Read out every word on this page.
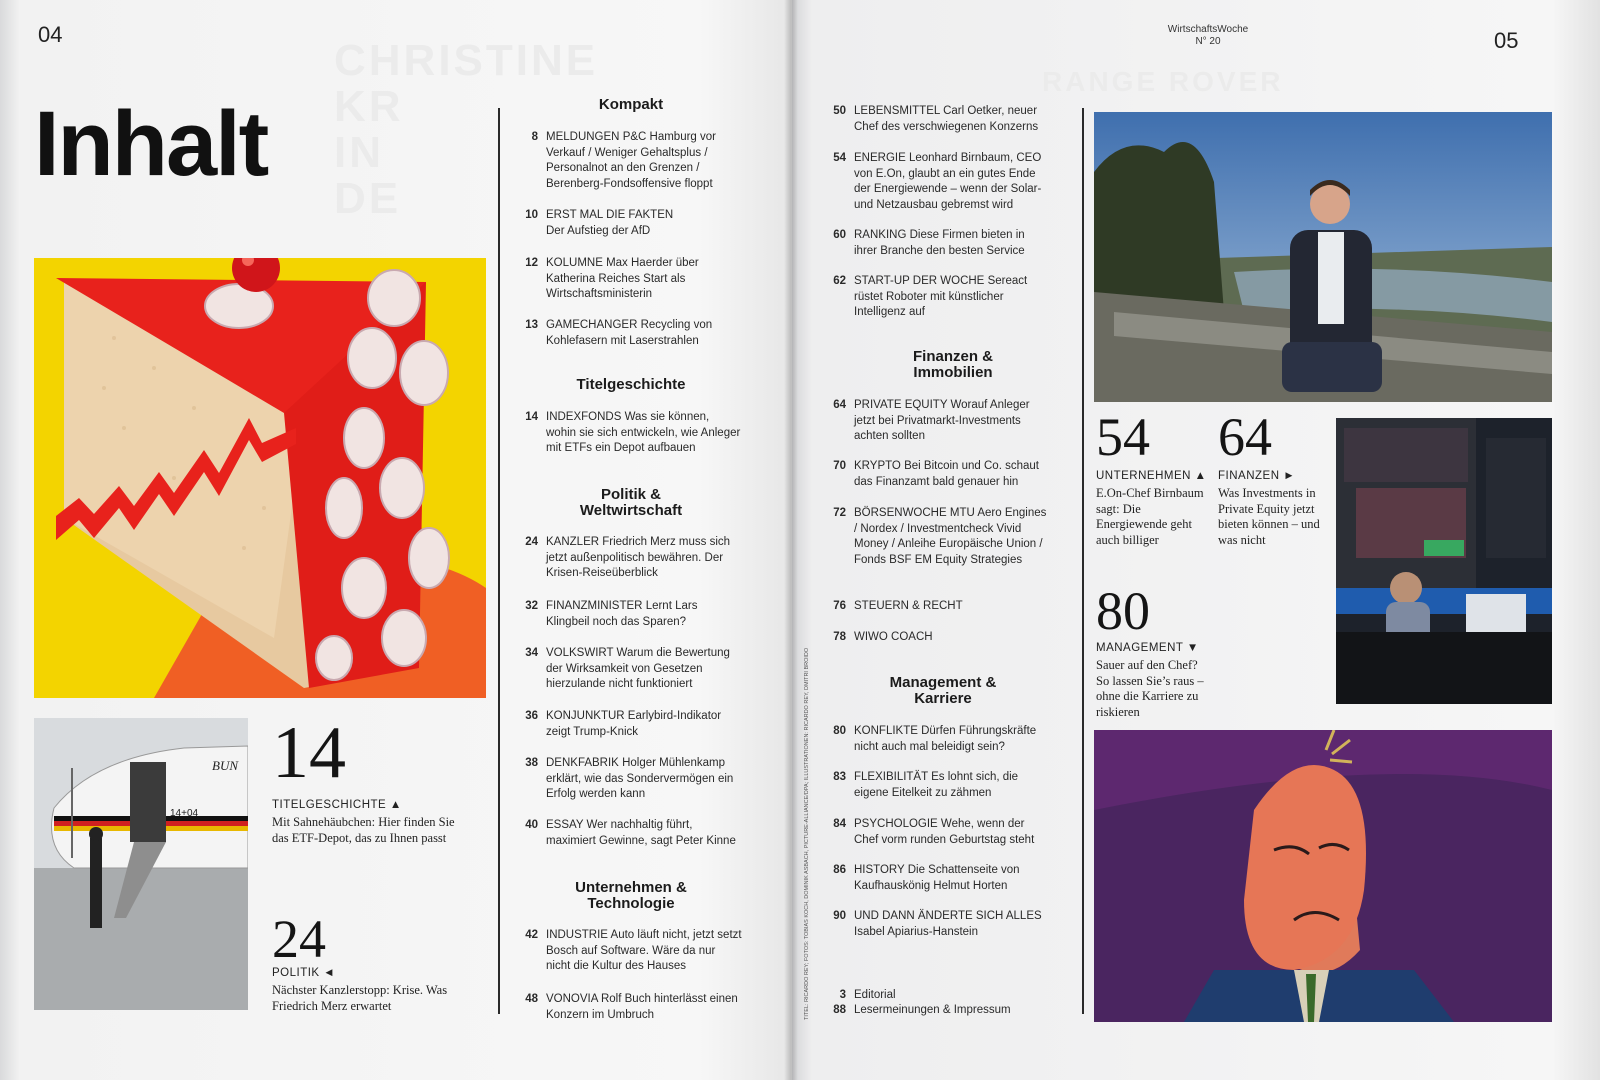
CHRISTINE
KR
IN
DE
04
Inhalt
BUN
14+04
14
TITELGESCHICHTE ▲
Mit Sahnehäubchen: Hier finden Sie das ETF-Depot, das zu Ihnen passt
24
POLITIK ◄
Nächster Kanzlerstopp: Krise. Was Friedrich Merz erwartet
Kompakt
8 MELDUNGEN P&C Hamburg vor Verkauf / Weniger Gehaltsplus / Personalnot an den Grenzen / Berenberg-Fondsoffensive floppt
10 ERST MAL DIE FAKTEN
Der Aufstieg der AfD
12 KOLUMNE Max Haerder über Katherina Reiches Start als Wirtschaftsministerin
13 GAMECHANGER Recycling von Kohlefasern mit Laserstrahlen
Titelgeschichte
14 INDEXFONDS Was sie können, wohin sie sich entwickeln, wie Anleger mit ETFs ein Depot aufbauen
Politik & Weltwirtschaft
24 KANZLER Friedrich Merz muss sich jetzt außenpolitisch bewähren. Der Krisen-Reiseüberblick
32 FINANZMINISTER Lernt Lars Klingbeil noch das Sparen?
34 VOLKSWIRT Warum die Bewertung der Wirksamkeit von Gesetzen hierzulande nicht funktioniert
36 KONJUNKTUR Earlybird-Indikator zeigt Trump-Knick
38 DENKFABRIK Holger Mühlenkamp erklärt, wie das Sondervermögen ein Erfolg werden kann
40 ESSAY Wer nachhaltig führt, maximiert Gewinne, sagt Peter Kinne
Unternehmen & Technologie
42 INDUSTRIE Auto läuft nicht, jetzt setzt Bosch auf Software. Wäre da nur nicht die Kultur des Hauses
48 VONOVIA Rolf Buch hinterlässt einen Konzern im Umbruch
RANGE ROVER
05
WirtschaftsWoche
N° 20
TITEL: RICARDO REY; FOTOS: TOBIAS KOCH, DOMINIK ASBACH, PICTURE-ALLIANCE/DPA; ILLUSTRATIONEN: RICARDO REY, DMITRI BROIDO
50 LEBENSMITTEL Carl Oetker, neuer Chef des verschwiegenen Konzerns
54 ENERGIE Leonhard Birnbaum, CEO von E.On, glaubt an ein gutes Ende der Energiewende – wenn der Solar- und Netzausbau gebremst wird
60 RANKING Diese Firmen bieten in ihrer Branche den besten Service
62 START-UP DER WOCHE Sereact rüstet Roboter mit künstlicher Intelligenz auf
Finanzen & Immobilien
64 PRIVATE EQUITY Worauf Anleger jetzt bei Privatmarkt-Investments achten sollten
70 KRYPTO Bei Bitcoin und Co. schaut das Finanzamt bald genauer hin
72 BÖRSENWOCHE MTU Aero Engines / Nordex / Investmentcheck Vivid Money / Anleihe Europäische Union / Fonds BSF EM Equity Strategies
76 STEUERN & RECHT
78 WIWO COACH
Management & Karriere
80 KONFLIKTE Dürfen Führungskräfte nicht auch mal beleidigt sein?
83 FLEXIBILITÄT Es lohnt sich, die eigene Eitelkeit zu zähmen
84 PSYCHOLOGIE Wehe, wenn der Chef vorm runden Geburtstag steht
86 HISTORY Die Schattenseite von Kaufhauskönig Helmut Horten
90 UND DANN ÄNDERTE SICH ALLES
Isabel Apiarius-Hanstein
3 Editorial
88 Lesermeinungen & Impressum
54
UNTERNEHMEN ▲
E.On-Chef Birnbaum sagt: Die Energiewende geht auch billiger
64
FINANZEN ►
Was Investments in Private Equity jetzt bieten können – und was nicht
80
MANAGEMENT ▼
Sauer auf den Chef? So lassen Sie’s raus – ohne die Karriere zu riskieren
